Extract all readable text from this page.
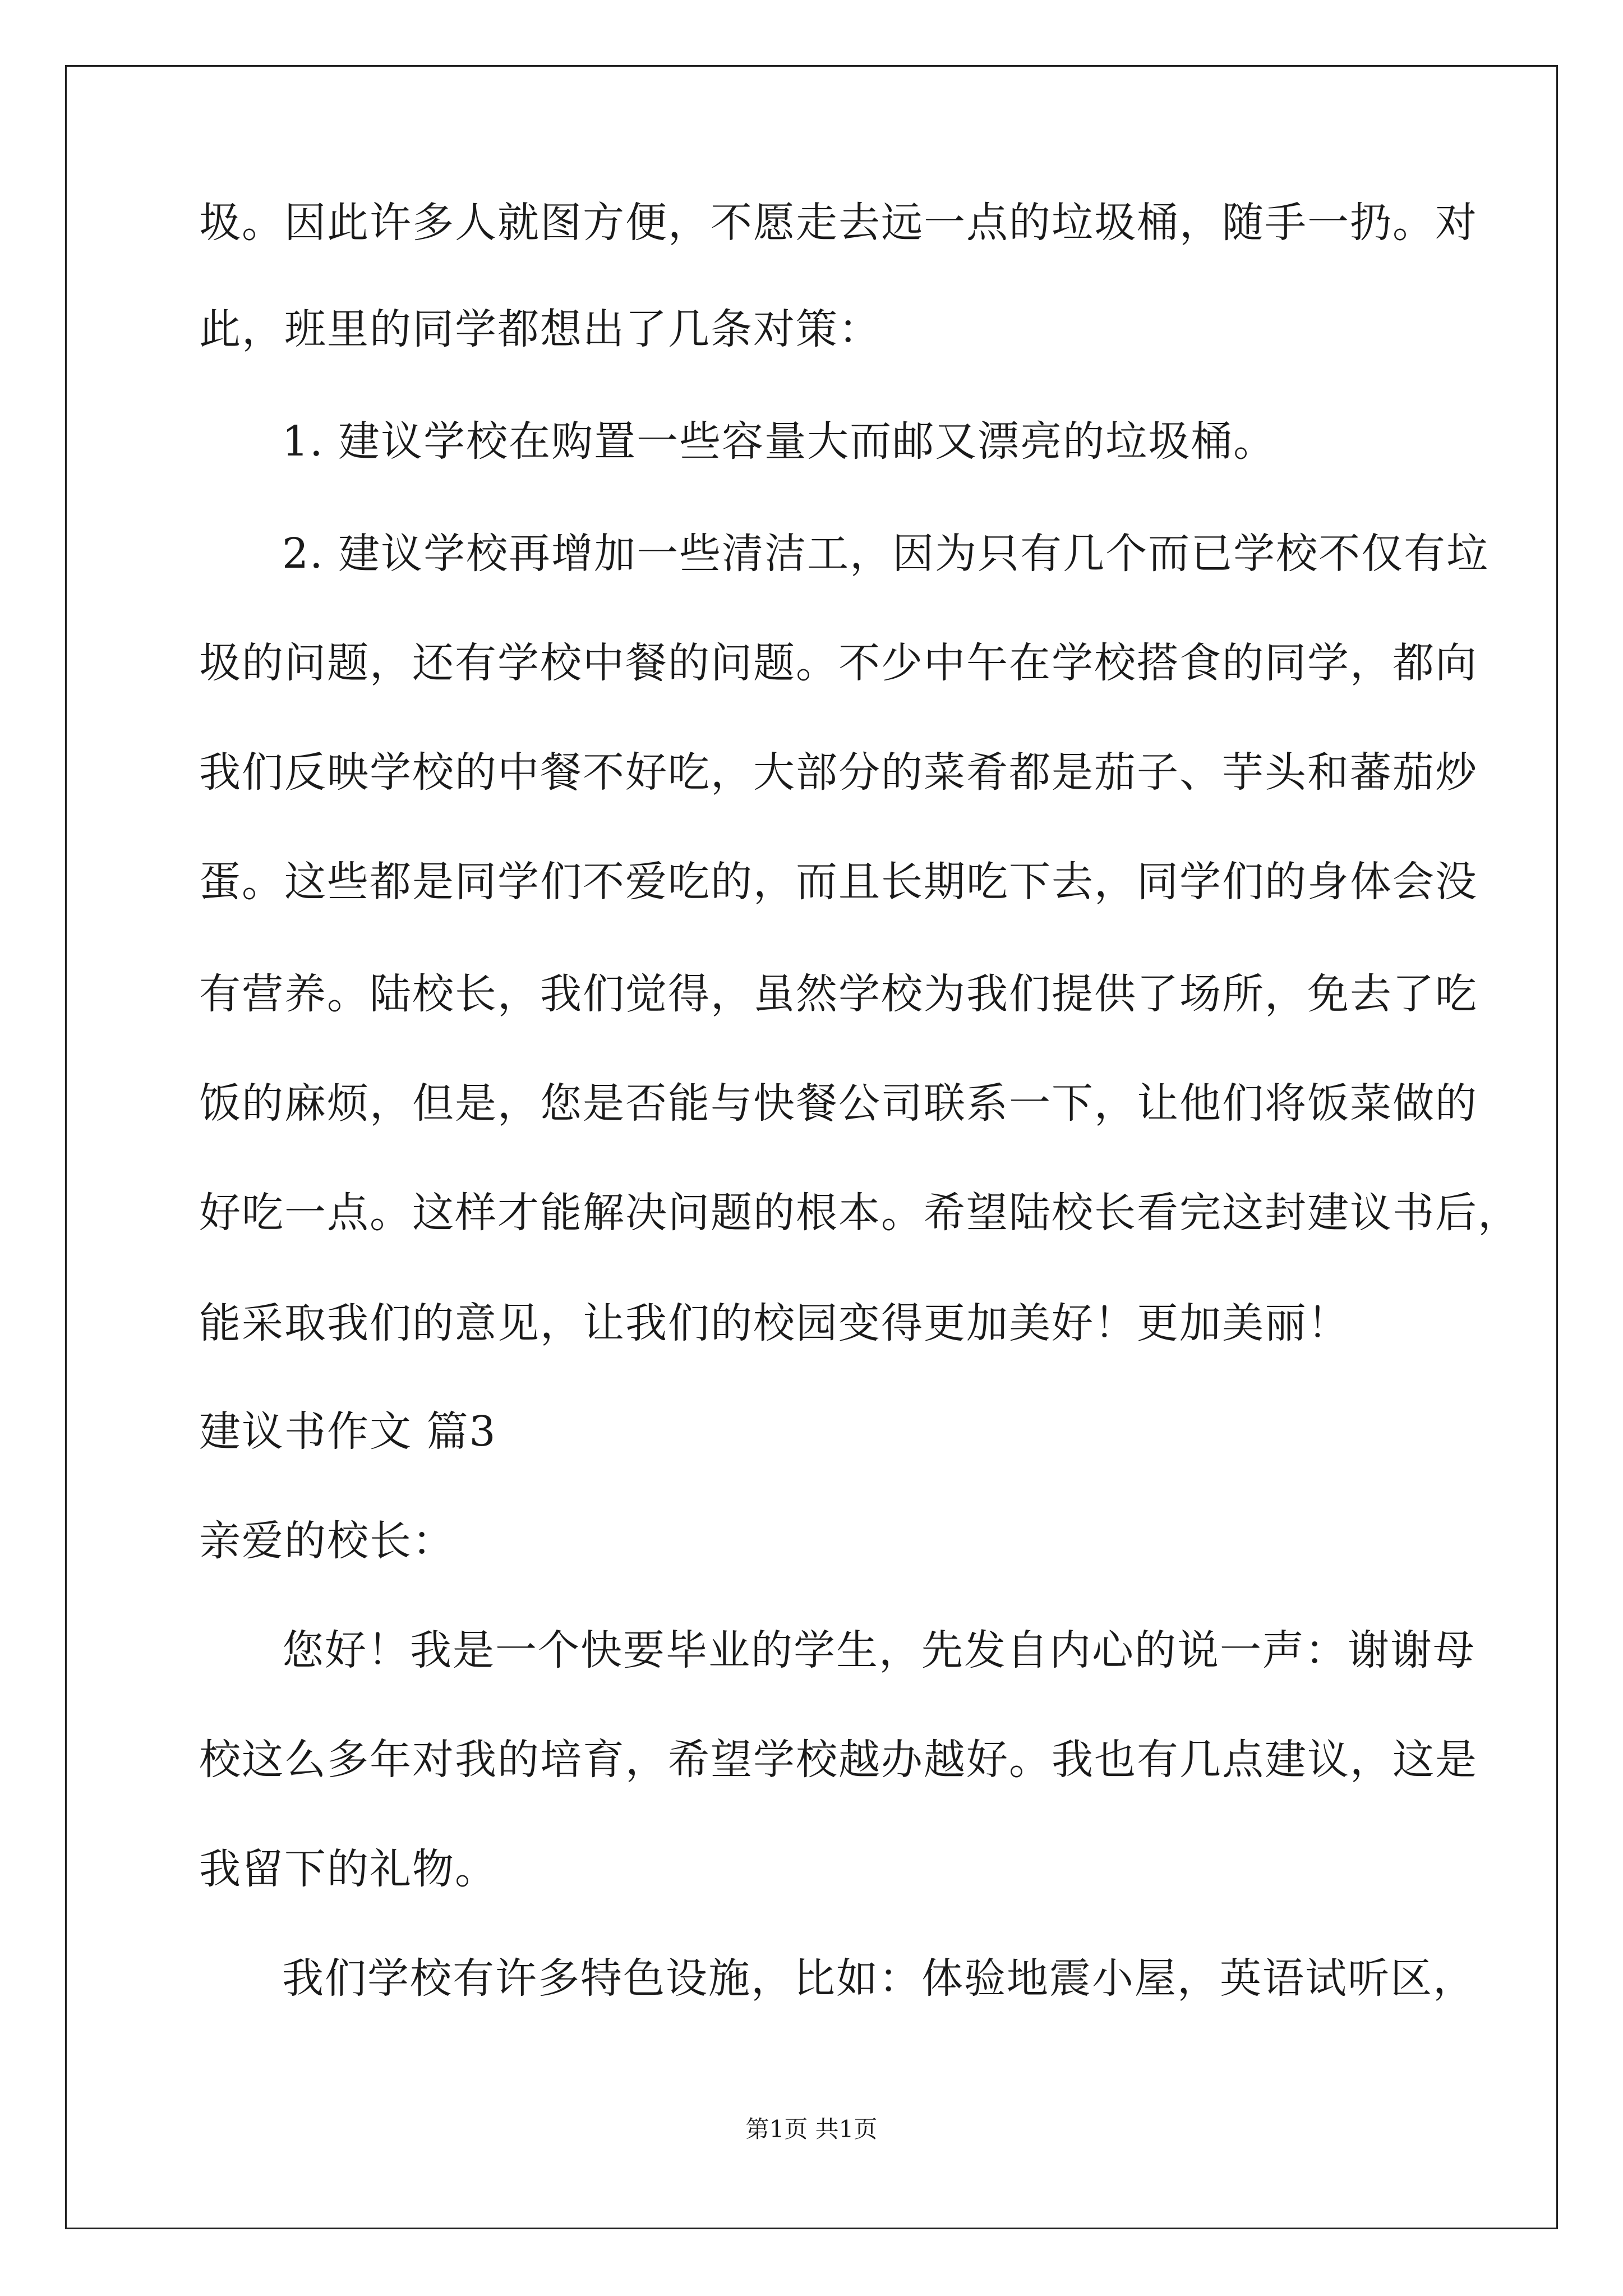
圾。因此许多人就图方便，不愿走去远一点的垃圾桶，随手一扔。对
此，班里的同学都想出了几条对策：
1. 建议学校在购置一些容量大而邮又漂亮的垃圾桶。
2. 建议学校再增加一些清洁工，因为只有几个而已学校不仅有垃
圾的问题，还有学校中餐的问题。不少中午在学校搭食的同学，都向
我们反映学校的中餐不好吃，大部分的菜肴都是茄子、芋头和蕃茄炒
蛋。这些都是同学们不爱吃的，而且长期吃下去，同学们的身体会没
有营养。陆校长，我们觉得，虽然学校为我们提供了场所，免去了吃
饭的麻烦，但是，您是否能与快餐公司联系一下，让他们将饭菜做的
好吃一点。这样才能解决问题的根本。希望陆校长看完这封建议书后，
能采取我们的意见，让我们的校园变得更加美好！更加美丽！
建议书作文 篇3
亲爱的校长：
您好！我是一个快要毕业的学生，先发自内心的说一声：谢谢母
校这么多年对我的培育，希望学校越办越好。我也有几点建议，这是
我留下的礼物。
我们学校有许多特色设施，比如：体验地震小屋，英语试听区，
第1页 共1页
